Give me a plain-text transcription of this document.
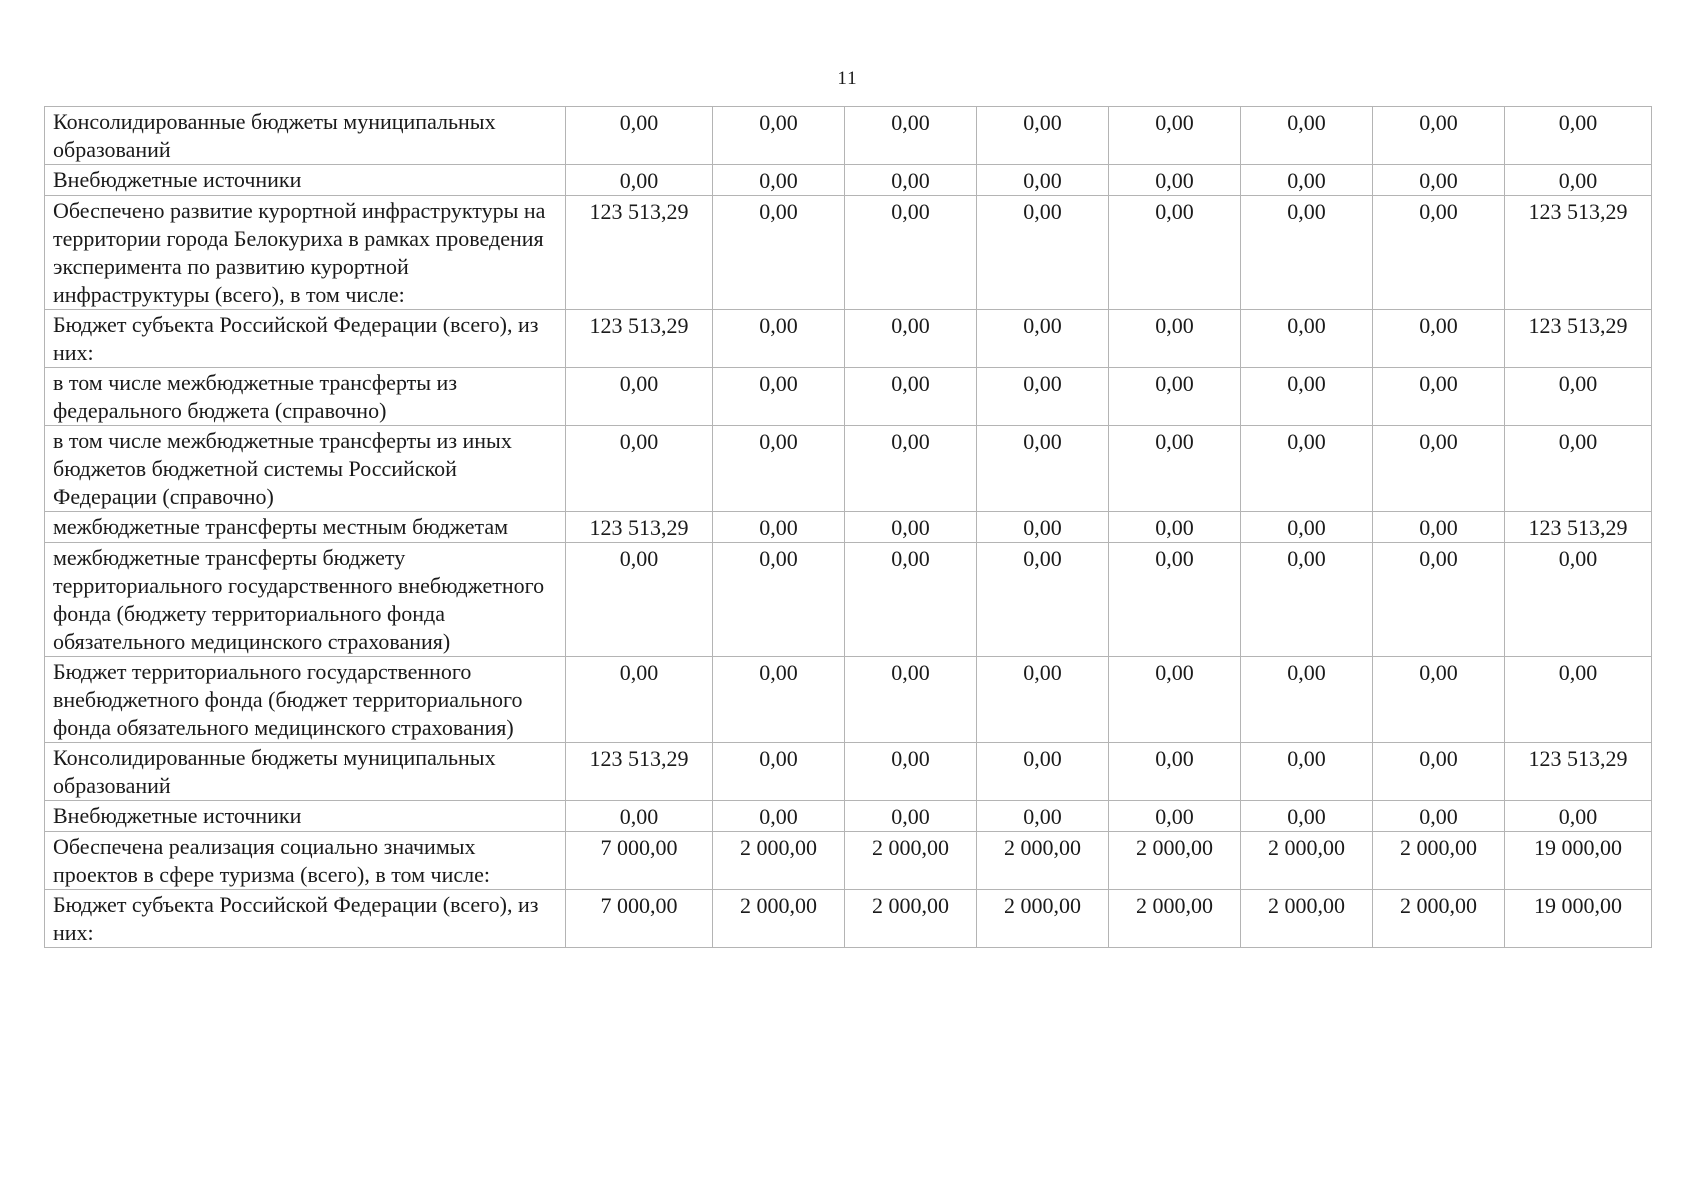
11
Консолидированные бюджеты муниципальных образований	0,00	0,00	0,00	0,00	0,00	0,00	0,00	0,00
Внебюджетные источники	0,00	0,00	0,00	0,00	0,00	0,00	0,00	0,00
Обеспечено развитие курортной инфраструктуры на территории города Белокуриха в рамках проведения эксперимента по развитию курортной инфраструктуры (всего), в том числе:	123 513,29	0,00	0,00	0,00	0,00	0,00	0,00	123 513,29
Бюджет субъекта Российской Федерации (всего), из них:	123 513,29	0,00	0,00	0,00	0,00	0,00	0,00	123 513,29
в том числе межбюджетные трансферты из федерального бюджета (справочно)	0,00	0,00	0,00	0,00	0,00	0,00	0,00	0,00
в том числе межбюджетные трансферты из иных бюджетов бюджетной системы Российской Федерации (справочно)	0,00	0,00	0,00	0,00	0,00	0,00	0,00	0,00
межбюджетные трансферты местным бюджетам	123 513,29	0,00	0,00	0,00	0,00	0,00	0,00	123 513,29
межбюджетные трансферты бюджету территориального государственного внебюджетного фонда (бюджету территориального фонда обязательного медицинского страхования)	0,00	0,00	0,00	0,00	0,00	0,00	0,00	0,00
Бюджет территориального государственного внебюджетного фонда (бюджет территориального фонда обязательного медицинского страхования)	0,00	0,00	0,00	0,00	0,00	0,00	0,00	0,00
Консолидированные бюджеты муниципальных образований	123 513,29	0,00	0,00	0,00	0,00	0,00	0,00	123 513,29
Внебюджетные источники	0,00	0,00	0,00	0,00	0,00	0,00	0,00	0,00
Обеспечена реализация социально значимых проектов в сфере туризма (всего), в том числе:	7 000,00	2 000,00	2 000,00	2 000,00	2 000,00	2 000,00	2 000,00	19 000,00
Бюджет субъекта Российской Федерации (всего), из них:	7 000,00	2 000,00	2 000,00	2 000,00	2 000,00	2 000,00	2 000,00	19 000,00
